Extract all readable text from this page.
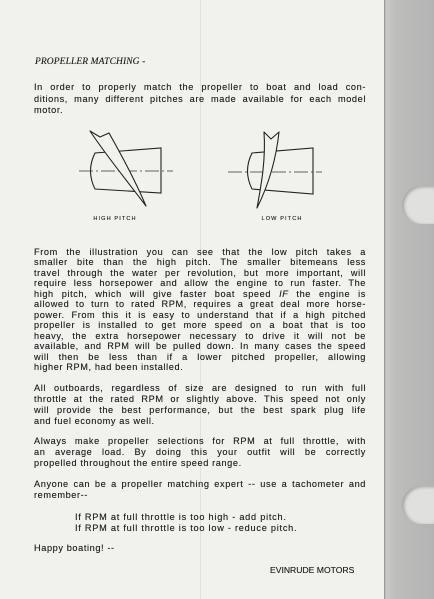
PROPELLER MATCHING -
In order to properly match the propeller to boat and load con-
ditions, many different pitches are made available for each model
motor.
HIGH PITCH	LOW PITCH
From the illustration you can see that the low pitch takes a
smaller bite than the high pitch. The smaller bitemeans less
travel through the water per revolution, but more important, will
require less horsepower and allow the engine to run faster. The
high pitch, which will give faster boat speed IF the engine is
allowed to turn to rated RPM, requires a great deal more horse-
power. From this it is easy to understand that if a high pitched
propeller is installed to get more speed on a boat that is too
heavy, the extra horsepower necessary to drive it will not be
available, and RPM will be pulled down. In many cases the speed
will then be less than if a lower pitched propeller, allowing
higher RPM, had been installed.
All outboards, regardless of size are designed to run with full
throttle at the rated RPM or slightly above. This speed not only
will provide the best performance, but the best spark plug life
and fuel economy as well.
Always make propeller selections for RPM at full throttle, with
an average load. By doing this your outfit will be correctly
propelled throughout the entire speed range.
Anyone can be a propeller matching expert -- use a tachometer and
remember--
If RPM at full throttle is too high - add pitch.
If RPM at full throttle is too low - reduce pitch.
Happy boating! --
EVINRUDE MOTORS
